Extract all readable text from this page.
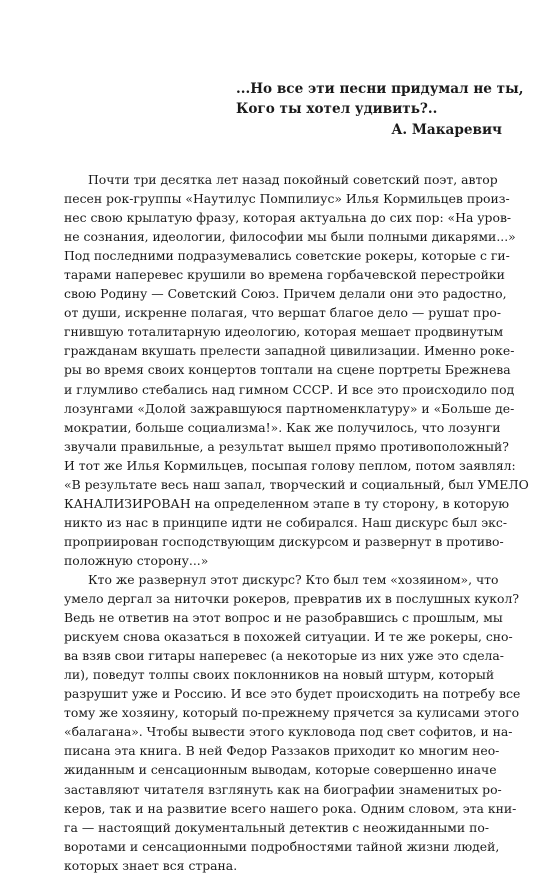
...Но все эти песни придумал не ты,
Кого ты хотел удивить?..
А. Макаревич
Почти три десятка лет назад покойный советский поэт, автор
песен рок-группы «Наутилус Помпилиус» Илья Кормильцев произ-
нес свою крылатую фразу, которая актуальна до сих пор: «На уров-
не сознания, идеологии, философии мы были полными дикарями...»
Под последними подразумевались советские рокеры, которые с ги-
тарами наперевес крушили во времена горбачевской перестройки
свою Родину — Советский Союз. Причем делали они это радостно,
от души, искренне полагая, что вершат благое дело — рушат про-
гнившую тоталитарную идеологию, которая мешает продвинутым
гражданам вкушать прелести западной цивилизации. Именно роке-
ры во время своих концертов топтали на сцене портреты Брежнева
и глумливо стебались над гимном СССР. И все это происходило под
лозунгами «Долой зажравшуюся партноменклатуру» и «Больше де-
мократии, больше социализма!». Как же получилось, что лозунги
звучали правильные, а результат вышел прямо противоположный?
И тот же Илья Кормильцев, посыпая голову пеплом, потом заявлял:
«В результате весь наш запал, творческий и социальный, был УМЕЛО
КАНАЛИЗИРОВАН на определенном этапе в ту сторону, в которую
никто из нас в принципе идти не собирался. Наш дискурс был экс-
проприирован господствующим дискурсом и развернут в противо-
положную сторону...»
Кто же развернул этот дискурс? Кто был тем «хозяином», что
умело дергал за ниточки рокеров, превратив их в послушных кукол?
Ведь не ответив на этот вопрос и не разобравшись с прошлым, мы
рискуем снова оказаться в похожей ситуации. И те же рокеры, сно-
ва взяв свои гитары наперевес (а некоторые из них уже это сдела-
ли), поведут толпы своих поклонников на новый штурм, который
разрушит уже и Россию. И все это будет происходить на потребу все
тому же хозяину, который по-прежнему прячется за кулисами этого
«балагана». Чтобы вывести этого кукловода под свет софитов, и на-
писана эта книга. В ней Федор Раззаков приходит ко многим нео-
жиданным и сенсационным выводам, которые совершенно иначе
заставляют читателя взглянуть как на биографии знаменитых ро-
керов, так и на развитие всего нашего рока. Одним словом, эта кни-
га — настоящий документальный детектив с неожиданными по-
воротами и сенсационными подробностями тайной жизни людей,
которых знает вся страна.
